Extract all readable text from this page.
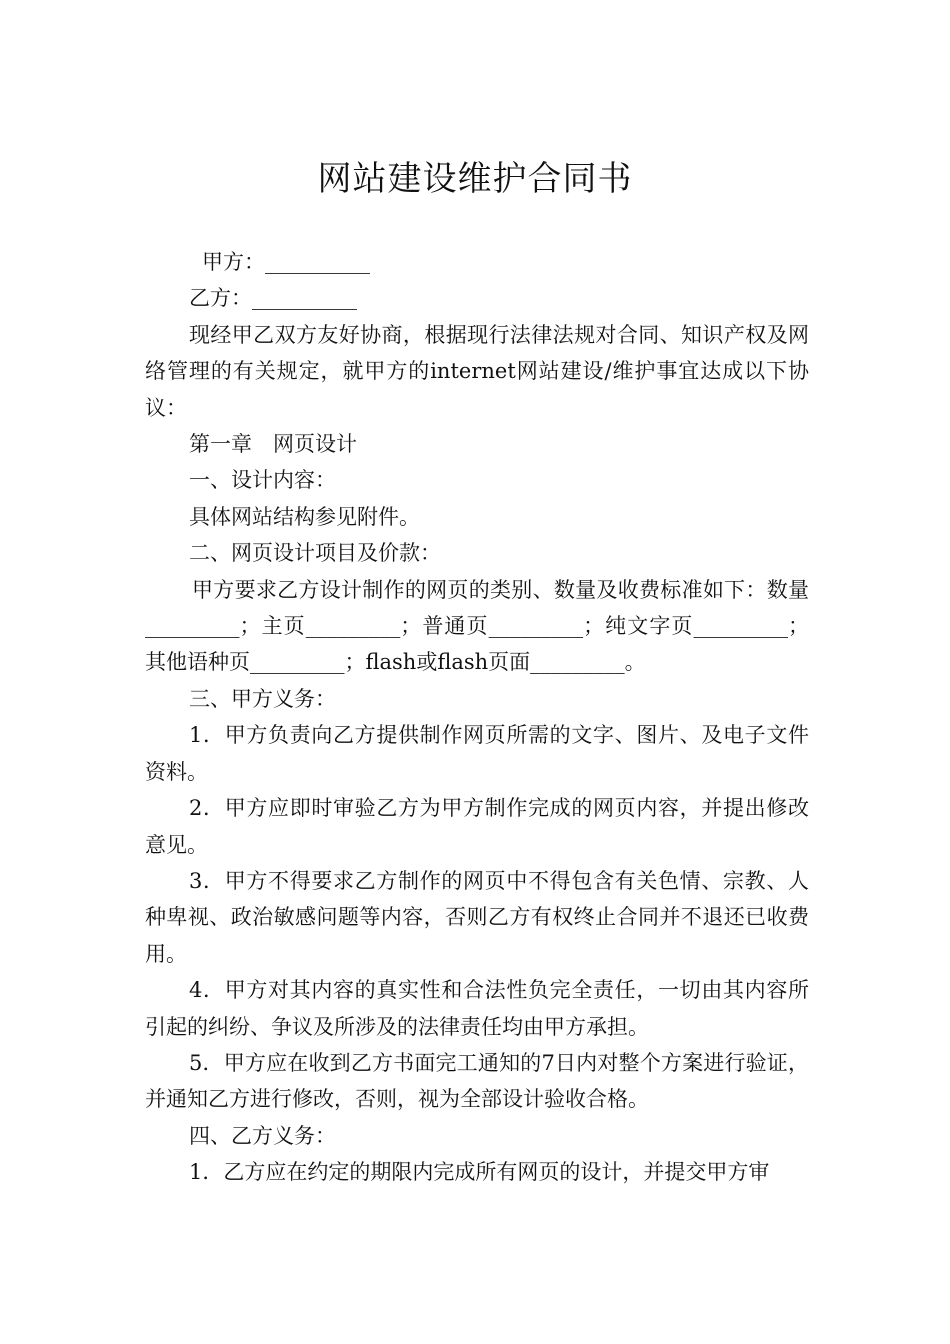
网站建设维护合同书

甲方：__________

乙方：__________

现经甲乙双方友好协商，根据现行法律法规对合同、知识产权及网络管理的有关规定，就甲方的internet网站建设/维护事宜达成以下协议：

第一章　网页设计

一、设计内容：

具体网站结构参见附件。

二、网页设计项目及价款：

甲方要求乙方设计制作的网页的类别、数量及收费标准如下：数量_________；主页_________；普通页_________；纯文字页_________；其他语种页_________；flash或flash页面_________。

三、甲方义务：

1．甲方负责向乙方提供制作网页所需的文字、图片、及电子文件资料。

2．甲方应即时审验乙方为甲方制作完成的网页内容，并提出修改意见。

3．甲方不得要求乙方制作的网页中不得包含有关色情、宗教、人种卑视、政治敏感问题等内容，否则乙方有权终止合同并不退还已收费用。

4．甲方对其内容的真实性和合法性负完全责任，一切由其内容所引起的纠纷、争议及所涉及的法律责任均由甲方承担。

5．甲方应在收到乙方书面完工通知的7日内对整个方案进行验证，并通知乙方进行修改，否则，视为全部设计验收合格。

四、乙方义务：

1．乙方应在约定的期限内完成所有网页的设计，并提交甲方审
